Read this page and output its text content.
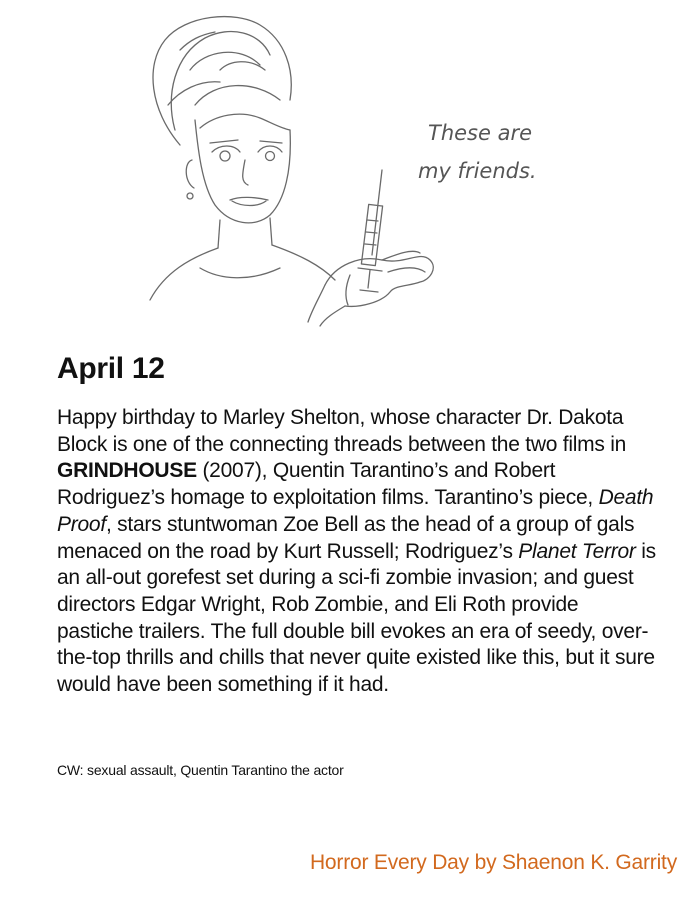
These are
my friends.
April 12

Happy birthday to Marley Shelton, whose character Dr. Dakota Block is one of the connecting threads between the two films in GRINDHOUSE (2007), Quentin Tarantino’s and Robert Rodriguez’s homage to exploitation films. Tarantino’s piece, Death Proof, stars stuntwoman Zoe Bell as the head of a group of gals menaced on the road by Kurt Russell; Rodriguez’s Planet Terror is an all-out gorefest set during a sci-fi zombie invasion; and guest directors Edgar Wright, Rob Zombie, and Eli Roth provide pastiche trailers. The full double bill evokes an era of seedy, over-the-top thrills and chills that never quite existed like this, but it sure would have been something if it had.

CW: sexual assault, Quentin Tarantino the actor

Horror Every Day by Shaenon K. Garrity
